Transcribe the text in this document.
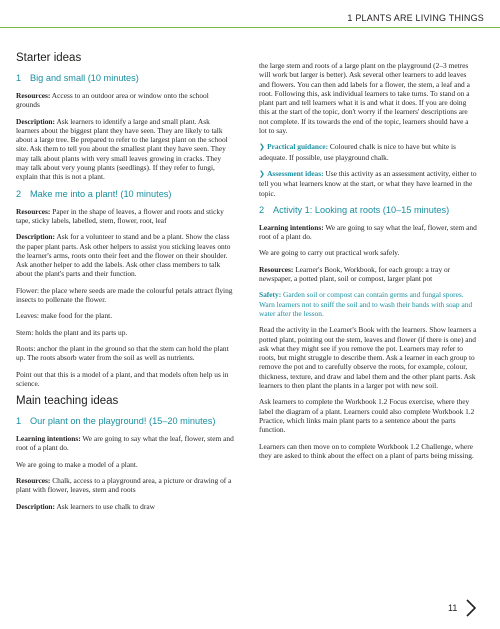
1 PLANTS ARE LIVING THINGS
Starter ideas
1 Big and small (10 minutes)

Resources: Access to an outdoor area or window onto the school grounds

Description: Ask learners to identify a large and small plant. Ask learners about the biggest plant they have seen. They are likely to talk about a large tree. Be prepared to refer to the largest plant on the school site. Ask them to tell you about the smallest plant they have seen. They may talk about plants with very small leaves growing in cracks. They may talk about very young plants (seedlings). If they refer to fungi, explain that this is not a plant.

2 Make me into a plant! (10 minutes)

Resources: Paper in the shape of leaves, a flower and roots and sticky tape, sticky labels, labelled, stem, flower, root, leaf

Description: Ask for a volunteer to stand and be a plant. Show the class the paper plant parts. Ask other helpers to assist you sticking leaves onto the learner's arms, roots onto their feet and the flower on their shoulder. Ask another helper to add the labels. Ask other class members to talk about the plant's parts and their function.

Flower: the place where seeds are made the colourful petals attract flying insects to pollenate the flower.

Leaves: make food for the plant.

Stem: holds the plant and its parts up.

Roots: anchor the plant in the ground so that the stem can hold the plant up. The roots absorb water from the soil as well as nutrients.

Point out that this is a model of a plant, and that models often help us in science.

Main teaching ideas
1 Our plant on the playground! (15–20 minutes)

Learning intentions: We are going to say what the leaf, flower, stem and root of a plant do.

We are going to make a model of a plant.

Resources: Chalk, access to a playground area, a picture or drawing of a plant with flower, leaves, stem and roots

Description: Ask learners to use chalk to draw

the large stem and roots of a large plant on the playground (2–3 metres will work but larger is better). Ask several other learners to add leaves and flowers. You can then add labels for a flower, the stem, a leaf and a root. Following this, ask individual learners to take turns. To stand on a plant part and tell learners what it is and what it does. If you are doing this at the start of the topic, don't worry if the learners' descriptions are not complete. If its towards the end of the topic, learners should have a lot to say.

❯ Practical guidance: Coloured chalk is nice to have but white is adequate. If possible, use playground chalk.

❯ Assessment ideas: Use this activity as an assessment activity, either to tell you what learners know at the start, or what they have learned in the topic.

2 Activity 1: Looking at roots (10–15 minutes)

Learning intentions: We are going to say what the leaf, flower, stem and root of a plant do.

We are going to carry out practical work safely.

Resources: Learner's Book, Workbook, for each group: a tray or newspaper, a potted plant, soil or compost, larger plant pot

Safety: Garden soil or compost can contain germs and fungal spores. Warn learners not to sniff the soil and to wash their hands with soap and water after the lesson.

Read the activity in the Learner's Book with the learners. Show learners a potted plant, pointing out the stem, leaves and flower (if there is one) and ask what they might see if you remove the pot. Learners may refer to roots, but might struggle to describe them. Ask a learner in each group to remove the pot and to carefully observe the roots, for example, colour, thickness, texture, and draw and label them and the other plant parts. Ask learners to then plant the plants in a larger pot with new soil.

Ask learners to complete the Workbook 1.2 Focus exercise, where they label the diagram of a plant. Learners could also complete Workbook 1.2 Practice, which links main plant parts to a sentence about the parts function.

Learners can then move on to complete Workbook 1.2 Challenge, where they are asked to think about the effect on a plant of parts being missing.

11
